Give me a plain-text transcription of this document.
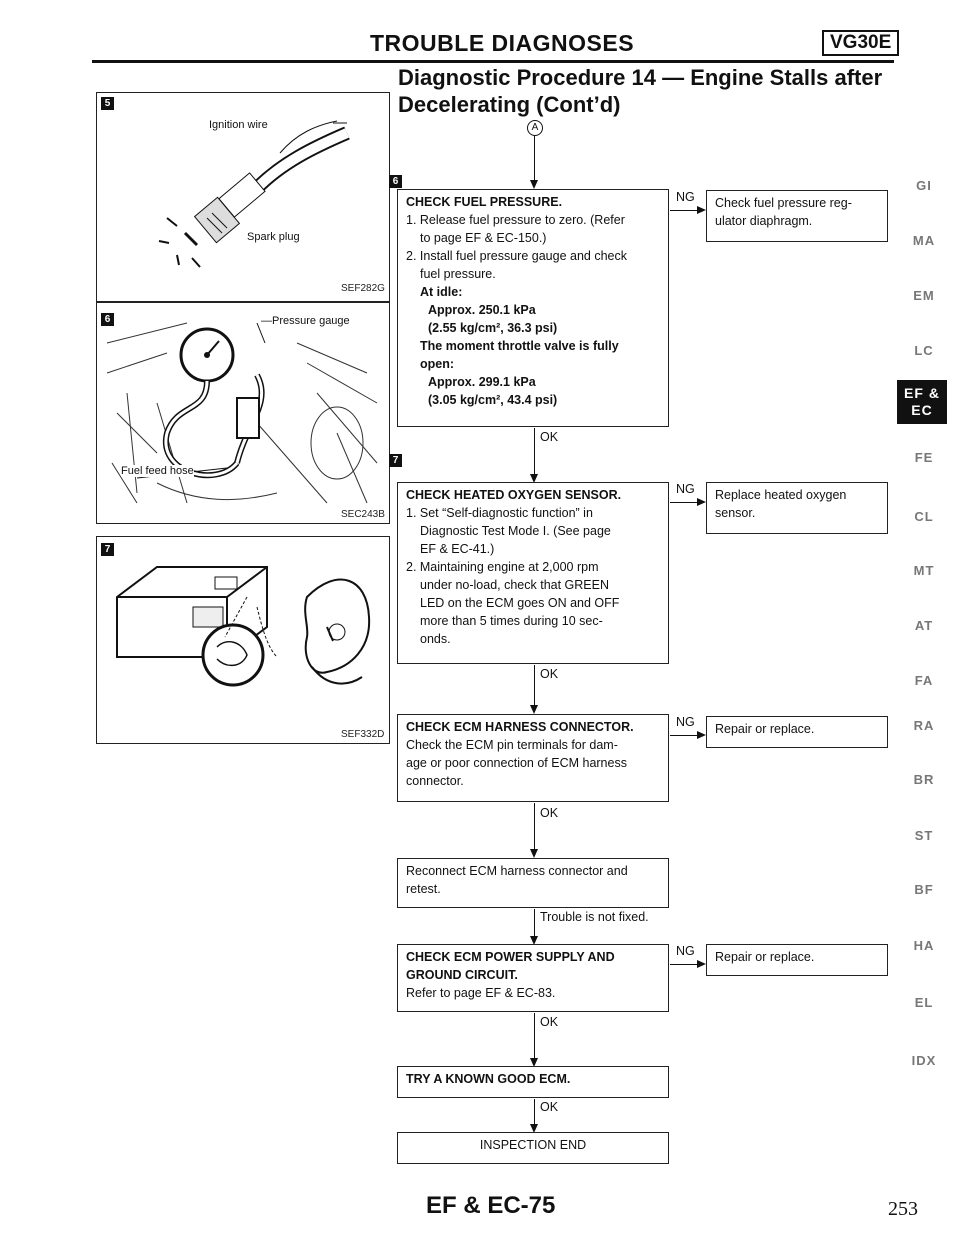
TROUBLE DIAGNOSES	VG30E
Diagnostic Procedure 14 — Engine Stalls after
Decelerating (Cont’d)
5
Ignition wire
Spark plug
SEF282G
6	—Pressure gauge
Fuel feed hose
SEC243B
7
SEF332D
A
6
CHECK FUEL PRESSURE.
1. Release fuel pressure to zero. (Refer
to page EF & EC-150.)
2. Install fuel pressure gauge and check
fuel pressure.
At idle:
Approx. 250.1 kPa
(2.55 kg/cm², 36.3 psi)
The moment throttle valve is fully
open:
Approx. 299.1 kPa
(3.05 kg/cm², 43.4 psi)
NG Check fuel pressure reg-
ulator diaphragm.
OK
7
CHECK HEATED OXYGEN SENSOR.
1. Set “Self-diagnostic function” in
Diagnostic Test Mode I. (See page
EF & EC-41.)
2. Maintaining engine at 2,000 rpm
under no-load, check that GREEN
LED on the ECM goes ON and OFF
more than 5 times during 10 sec-
onds.
NG Replace heated oxygen
sensor.
OK
CHECK ECM HARNESS CONNECTOR.
Check the ECM pin terminals for dam-
age or poor connection of ECM harness
connector.
NG	Repair or replace.
OK
Reconnect ECM harness connector and
retest.
Trouble is not fixed.
CHECK ECM POWER SUPPLY AND
GROUND CIRCUIT.
Refer to page EF & EC-83.
NG	Repair or replace.
OK
TRY A KNOWN GOOD ECM.
OK
INSPECTION END
GI
MA
EM
LC
EF &
EC
FE
CL
MT
AT
FA
RA
BR
ST
BF
HA
EL
IDX
EF & EC-75	253
